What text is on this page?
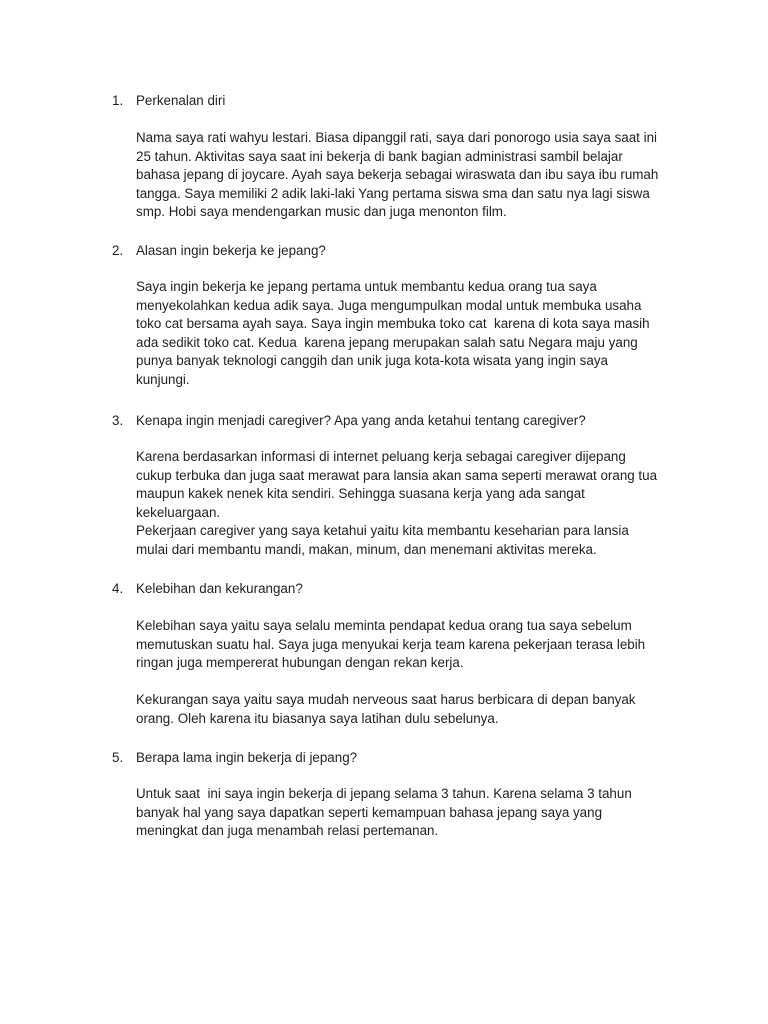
1. Perkenalan diri
Nama saya rati wahyu lestari. Biasa dipanggil rati, saya dari ponorogo usia saya saat ini
25 tahun. Aktivitas saya saat ini bekerja di bank bagian administrasi sambil belajar
bahasa jepang di joycare. Ayah saya bekerja sebagai wiraswata dan ibu saya ibu rumah
tangga. Saya memiliki 2 adik laki-laki Yang pertama siswa sma dan satu nya lagi siswa
smp. Hobi saya mendengarkan music dan juga menonton film.
2. Alasan ingin bekerja ke jepang?
Saya ingin bekerja ke jepang pertama untuk membantu kedua orang tua saya
menyekolahkan kedua adik saya. Juga mengumpulkan modal untuk membuka usaha
toko cat bersama ayah saya. Saya ingin membuka toko cat  karena di kota saya masih
ada sedikit toko cat. Kedua  karena jepang merupakan salah satu Negara maju yang
punya banyak teknologi canggih dan unik juga kota-kota wisata yang ingin saya
kunjungi.
3. Kenapa ingin menjadi caregiver? Apa yang anda ketahui tentang caregiver?
Karena berdasarkan informasi di internet peluang kerja sebagai caregiver dijepang
cukup terbuka dan juga saat merawat para lansia akan sama seperti merawat orang tua
maupun kakek nenek kita sendiri. Sehingga suasana kerja yang ada sangat
kekeluargaan.
Pekerjaan caregiver yang saya ketahui yaitu kita membantu keseharian para lansia
mulai dari membantu mandi, makan, minum, dan menemani aktivitas mereka.
4. Kelebihan dan kekurangan?
Kelebihan saya yaitu saya selalu meminta pendapat kedua orang tua saya sebelum
memutuskan suatu hal. Saya juga menyukai kerja team karena pekerjaan terasa lebih
ringan juga mempererat hubungan dengan rekan kerja.
Kekurangan saya yaitu saya mudah nerveous saat harus berbicara di depan banyak
orang. Oleh karena itu biasanya saya latihan dulu sebelunya.
5. Berapa lama ingin bekerja di jepang?
Untuk saat  ini saya ingin bekerja di jepang selama 3 tahun. Karena selama 3 tahun
banyak hal yang saya dapatkan seperti kemampuan bahasa jepang saya yang
meningkat dan juga menambah relasi pertemanan.
